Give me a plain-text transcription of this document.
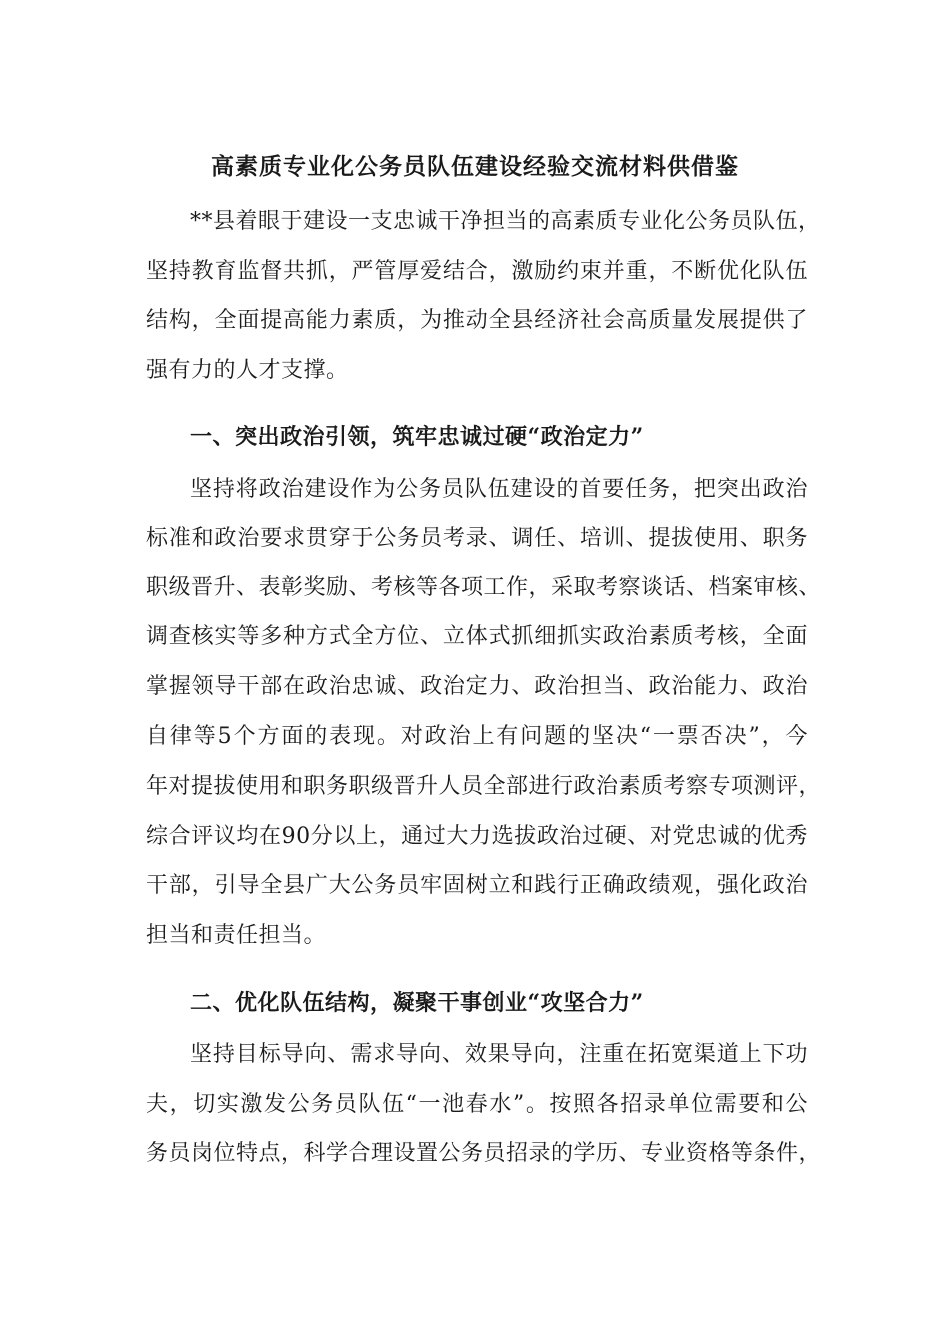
高素质专业化公务员队伍建设经验交流材料供借鉴
**县着眼于建设一支忠诚干净担当的高素质专业化公务员队伍，
坚持教育监督共抓，严管厚爱结合，激励约束并重，不断优化队伍
结构，全面提高能力素质，为推动全县经济社会高质量发展提供了
强有力的人才支撑。
一、突出政治引领，筑牢忠诚过硬“政治定力”
坚持将政治建设作为公务员队伍建设的首要任务，把突出政治
标准和政治要求贯穿于公务员考录、调任、培训、提拔使用、职务
职级晋升、表彰奖励、考核等各项工作，采取考察谈话、档案审核、
调查核实等多种方式全方位、立体式抓细抓实政治素质考核，全面
掌握领导干部在政治忠诚、政治定力、政治担当、政治能力、政治
自律等5个方面的表现。对政治上有问题的坚决“一票否决”，今
年对提拔使用和职务职级晋升人员全部进行政治素质考察专项测评，
综合评议均在90分以上，通过大力选拔政治过硬、对党忠诚的优秀
干部，引导全县广大公务员牢固树立和践行正确政绩观，强化政治
担当和责任担当。
二、优化队伍结构，凝聚干事创业“攻坚合力”
坚持目标导向、需求导向、效果导向，注重在拓宽渠道上下功
夫，切实激发公务员队伍“一池春水”。按照各招录单位需要和公
务员岗位特点，科学合理设置公务员招录的学历、专业资格等条件，
